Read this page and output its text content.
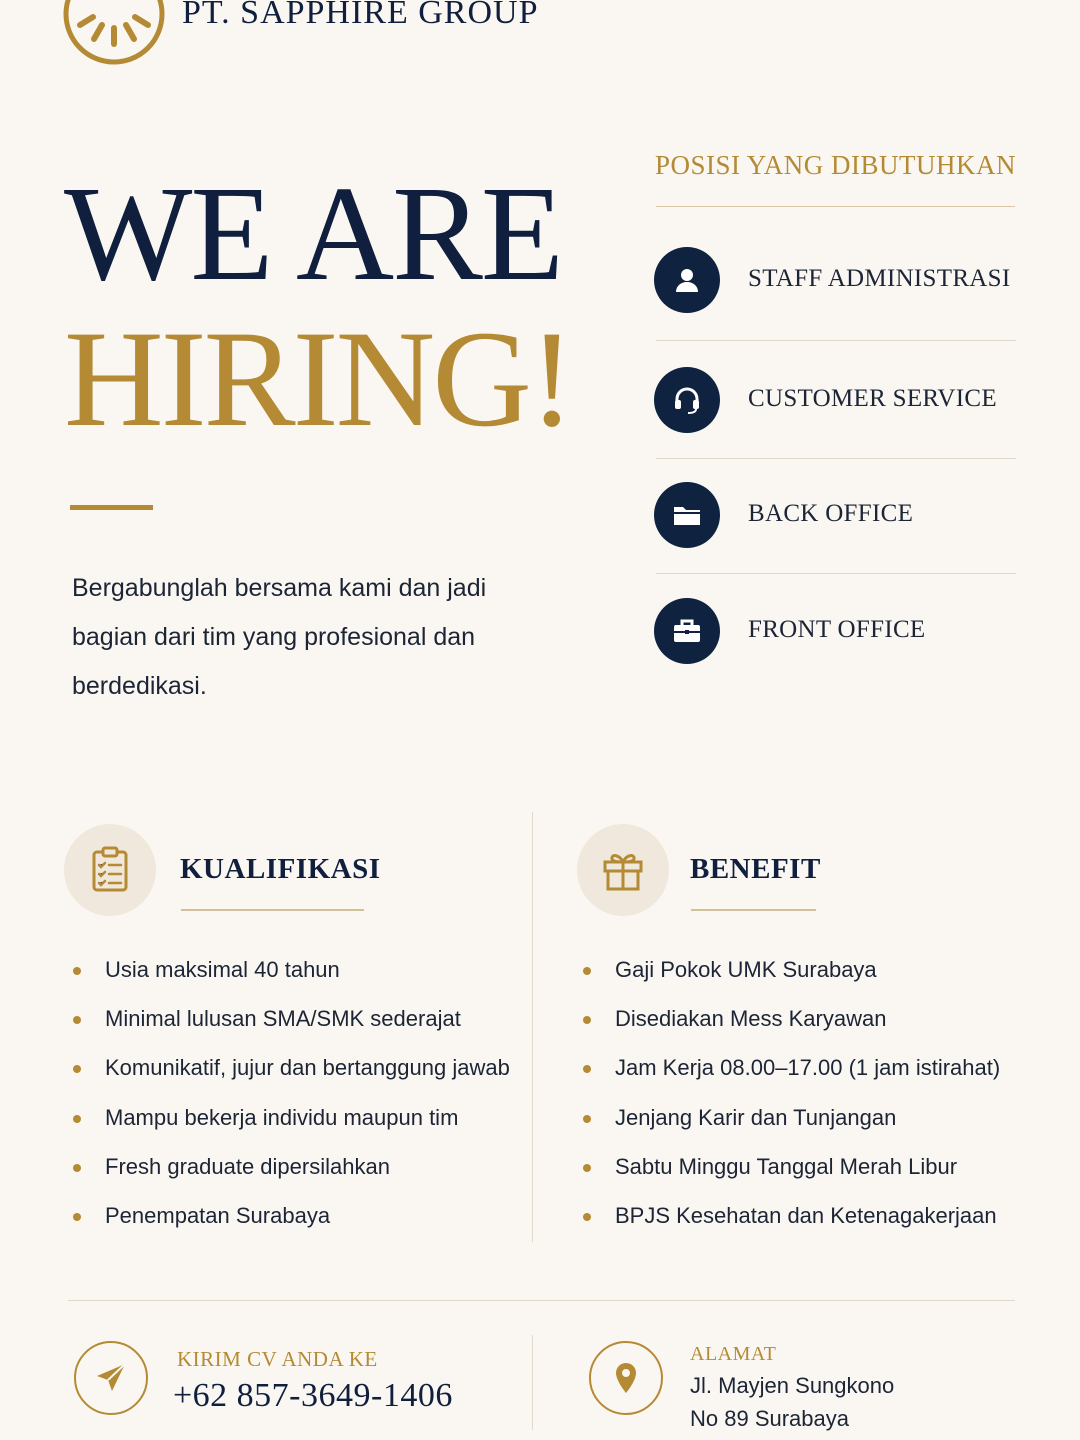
PT. SAPPHIRE GROUP
WE ARE
HIRING!
Bergabunglah bersama kami dan jadi bagian dari tim yang profesional dan berdedikasi.
POSISI YANG DIBUTUHKAN
STAFF ADMINISTRASI
CUSTOMER SERVICE
BACK OFFICE
FRONT OFFICE
KUALIFIKASI
Usia maksimal 40 tahun
Minimal lulusan SMA/SMK sederajat
Komunikatif, jujur dan bertanggung jawab
Mampu bekerja individu maupun tim
Fresh graduate dipersilahkan
Penempatan Surabaya
BENEFIT
Gaji Pokok UMK Surabaya
Disediakan Mess Karyawan
Jam Kerja 08.00–17.00 (1 jam istirahat)
Jenjang Karir dan Tunjangan
Sabtu Minggu Tanggal Merah Libur
BPJS Kesehatan dan Ketenagakerjaan
KIRIM CV ANDA KE
+62 857-3649-1406
ALAMAT
Jl. Mayjen Sungkono
No 89 Surabaya
